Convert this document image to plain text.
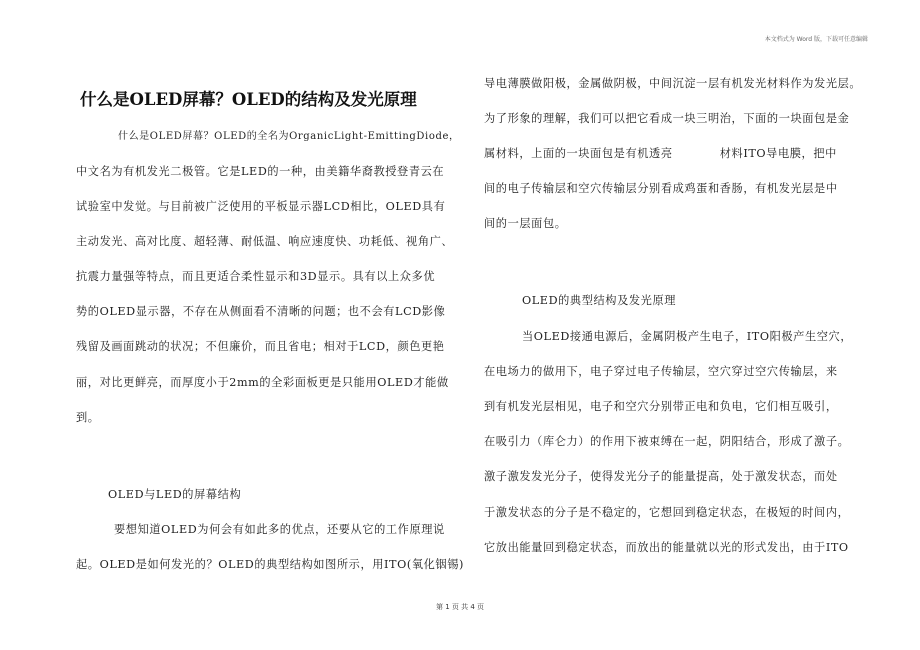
本文档式为 Word 版，下载可任意编辑
什么是OLED屏幕？OLED的结构及发光原理
什么是OLED屏幕？OLED的全名为OrganicLight-EmittingDiode，
中文名为有机发光二极管。它是LED的一种，由美籍华裔教授登青云在
试验室中发觉。与目前被广泛使用的平板显示器LCD相比，OLED具有
主动发光、高对比度、超轻薄、耐低温、响应速度快、功耗低、视角广、
抗震力量强等特点，而且更适合柔性显示和3D显示。具有以上众多优
势的OLED显示器，不存在从侧面看不清晰的问题；也不会有LCD影像
残留及画面跳动的状况；不但廉价，而且省电；相对于LCD，颜色更艳
丽，对比更鲜亮，而厚度小于2mm的全彩面板更是只能用OLED才能做
到。
OLED与LED的屏幕结构
要想知道OLED为何会有如此多的优点，还要从它的工作原理说
起。OLED是如何发光的？OLED的典型结构如图所示，用ITO(氧化铟锡)
导电薄膜做阳极，金属做阴极，中间沉淀一层有机发光材料作为发光层。
为了形象的理解，我们可以把它看成一块三明治，下面的一块面包是金
属材料，上面的一块面包是有机透亮　　　　材料ITO导电膜，把中
间的电子传输层和空穴传输层分别看成鸡蛋和香肠，有机发光层是中
间的一层面包。
OLED的典型结构及发光原理
当OLED接通电源后，金属阴极产生电子，ITO阳极产生空穴，
在电场力的做用下，电子穿过电子传输层，空穴穿过空穴传输层，来
到有机发光层相见，电子和空穴分别带正电和负电，它们相互吸引，
在吸引力（库仑力）的作用下被束缚在一起，阴阳结合，形成了激子。
激子激发发光分子，使得发光分子的能量提高，处于激发状态，而处
于激发状态的分子是不稳定的，它想回到稳定状态，在极短的时间内，
它放出能量回到稳定状态，而放出的能量就以光的形式发出，由于ITO
第 1 页 共 4 页
